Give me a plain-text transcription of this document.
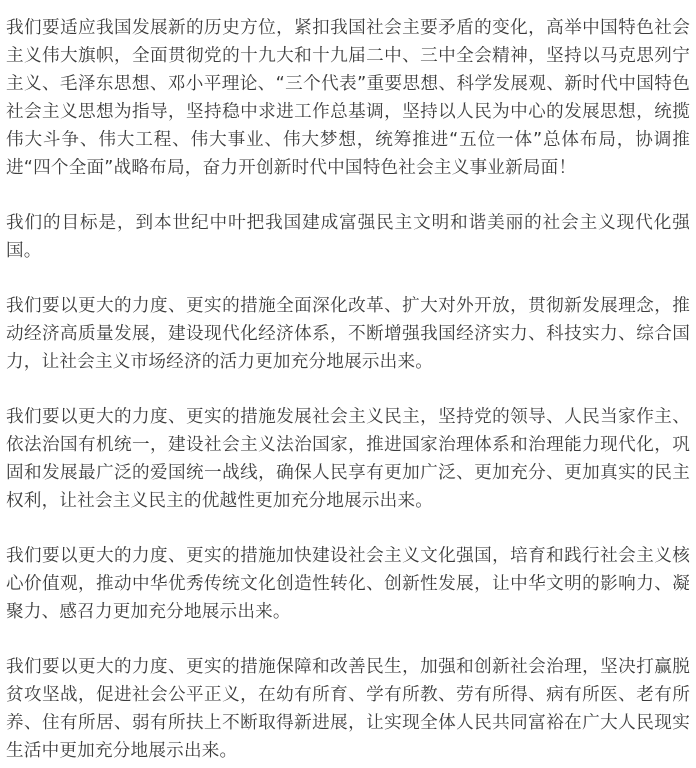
我们要适应我国发展新的历史方位，紧扣我国社会主要矛盾的变化，高举中国特色社会主义伟大旗帜，全面贯彻党的十九大和十九届二中、三中全会精神，坚持以马克思列宁主义、毛泽东思想、邓小平理论、“三个代表”重要思想、科学发展观、新时代中国特色社会主义思想为指导，坚持稳中求进工作总基调，坚持以人民为中心的发展思想，统揽伟大斗争、伟大工程、伟大事业、伟大梦想，统筹推进“五位一体”总体布局，协调推进“四个全面”战略布局，奋力开创新时代中国特色社会主义事业新局面！

我们的目标是，到本世纪中叶把我国建成富强民主文明和谐美丽的社会主义现代化强国。

我们要以更大的力度、更实的措施全面深化改革、扩大对外开放，贯彻新发展理念，推动经济高质量发展，建设现代化经济体系，不断增强我国经济实力、科技实力、综合国力，让社会主义市场经济的活力更加充分地展示出来。

我们要以更大的力度、更实的措施发展社会主义民主，坚持党的领导、人民当家作主、依法治国有机统一，建设社会主义法治国家，推进国家治理体系和治理能力现代化，巩固和发展最广泛的爱国统一战线，确保人民享有更加广泛、更加充分、更加真实的民主权利，让社会主义民主的优越性更加充分地展示出来。

我们要以更大的力度、更实的措施加快建设社会主义文化强国，培育和践行社会主义核心价值观，推动中华优秀传统文化创造性转化、创新性发展，让中华文明的影响力、凝聚力、感召力更加充分地展示出来。

我们要以更大的力度、更实的措施保障和改善民生，加强和创新社会治理，坚决打赢脱贫攻坚战，促进社会公平正义，在幼有所育、学有所教、劳有所得、病有所医、老有所养、住有所居、弱有所扶上不断取得新进展，让实现全体人民共同富裕在广大人民现实生活中更加充分地展示出来。
